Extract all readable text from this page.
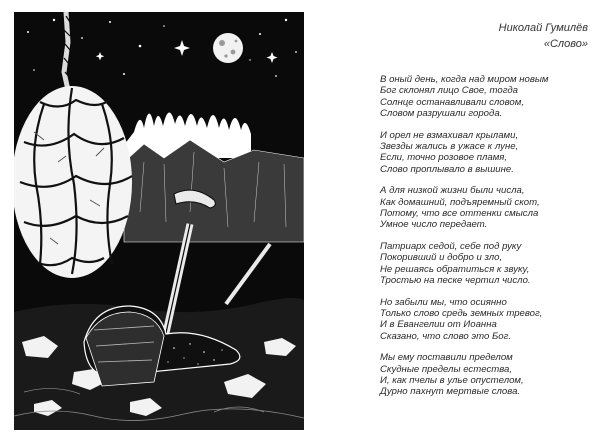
Николай Гумилёв
«Слово»
В оный день, когда над миром новым
Бог склонял лицо Свое, тогда
Солнце останавливали словом,
Словом разрушали города.
И орел не взмахивал крылами,
Звезды жались в ужасе к луне,
Если, точно розовое пламя,
Слово проплывало в вышине.
А для низкой жизни были числа,
Как домашний, подъяремный скот,
Потому, что все оттенки смысла
Умное число передает.
Патриарх седой, себе под руку
Покоривший и добро и зло,
Не решаясь обратиться к звуку,
Тростью на песке чертил число.
Но забыли мы, что осиянно
Только слово средь земных тревог,
И в Евангелии от Иоанна
Сказано, что слово это Бог.
Мы ему поставили пределом
Скудные пределы естества,
И, как пчелы в улье опустелом,
Дурно пахнут мертвые слова.
